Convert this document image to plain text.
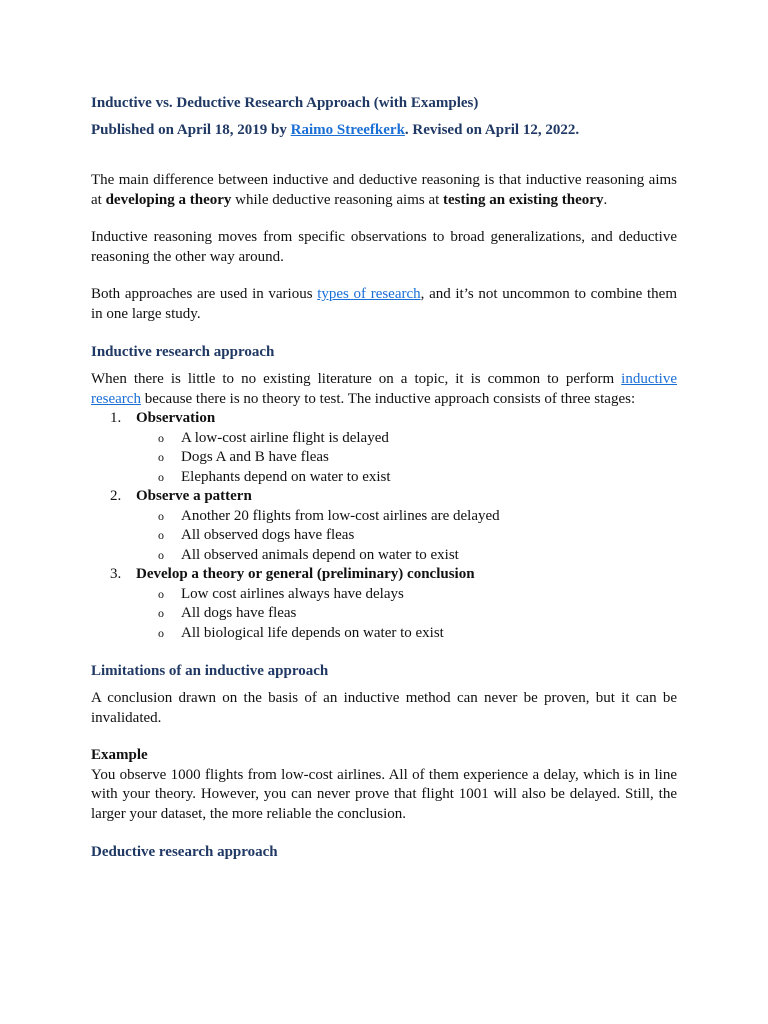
Inductive vs. Deductive Research Approach (with Examples)
Published on April 18, 2019 by Raimo Streefkerk. Revised on April 12, 2022.

The main difference between inductive and deductive reasoning is that inductive reasoning aims at developing a theory while deductive reasoning aims at testing an existing theory.

Inductive reasoning moves from specific observations to broad generalizations, and deductive reasoning the other way around.

Both approaches are used in various types of research, and it’s not uncommon to combine them in one large study.

Inductive research approach

When there is little to no existing literature on a topic, it is common to perform inductive research because there is no theory to test. The inductive approach consists of three stages:

1. Observation
o A low-cost airline flight is delayed
o Dogs A and B have fleas
o Elephants depend on water to exist
2. Observe a pattern
o Another 20 flights from low-cost airlines are delayed
o All observed dogs have fleas
o All observed animals depend on water to exist
3. Develop a theory or general (preliminary) conclusion
o Low cost airlines always have delays
o All dogs have fleas
o All biological life depends on water to exist
Limitations of an inductive approach

A conclusion drawn on the basis of an inductive method can never be proven, but it can be invalidated.

Example

You observe 1000 flights from low-cost airlines. All of them experience a delay, which is in line with your theory. However, you can never prove that flight 1001 will also be delayed. Still, the larger your dataset, the more reliable the conclusion.

Deductive research approach
